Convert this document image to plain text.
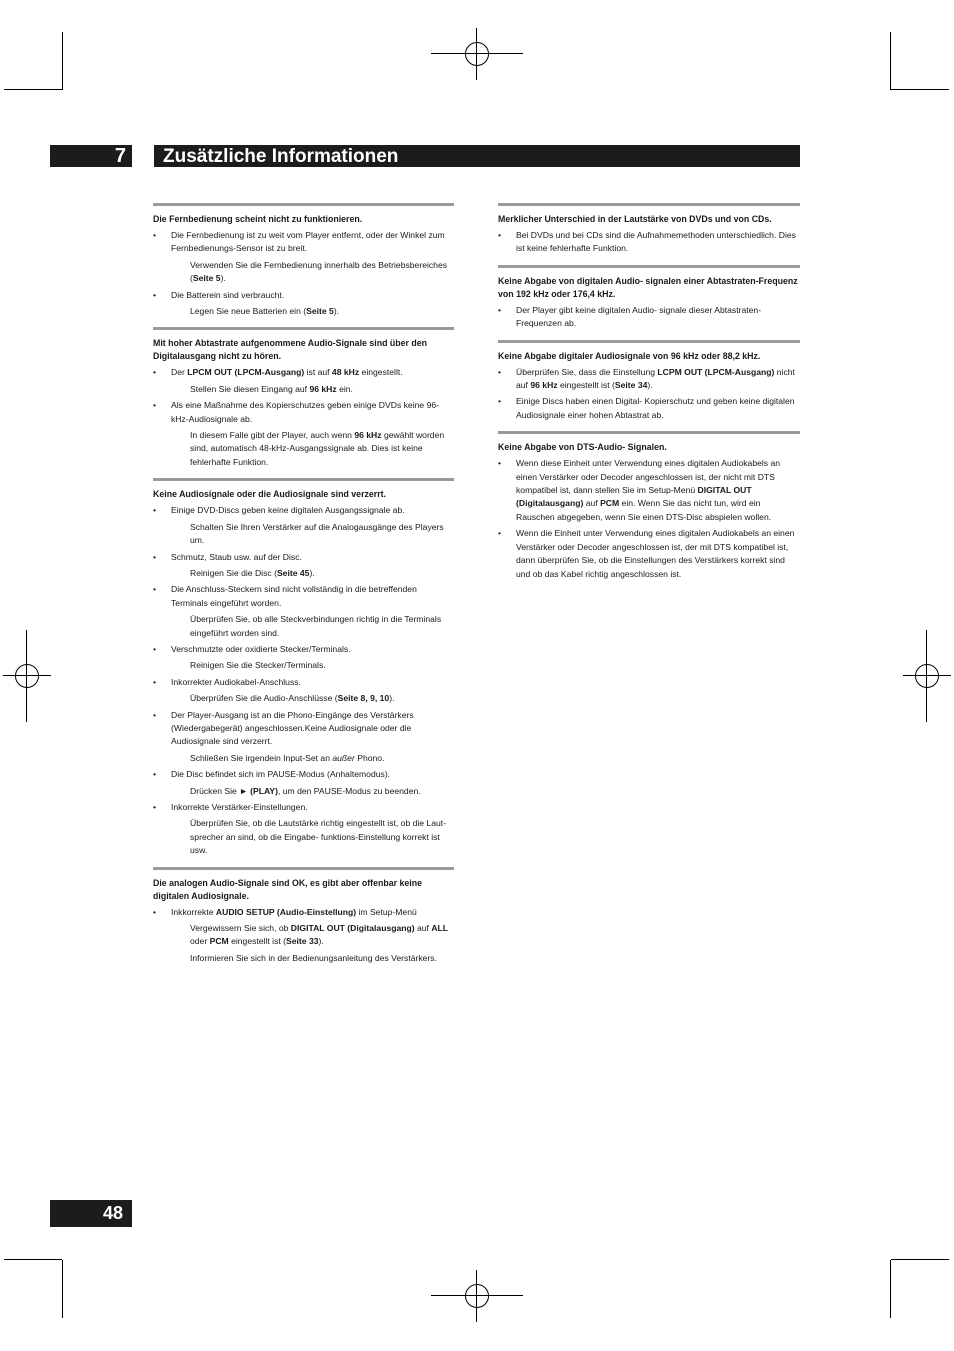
7	Zusätzliche Informationen
Die Fernbedienung scheint nicht zu funktionieren.
• Die Fernbedienung ist zu weit vom Player entfernt, oder der Winkel zum Fernbedienungs-Sensor ist zu breit.
Verwenden Sie die Fernbedienung innerhalb des Betriebsbereiches (Seite 5).
• Die Batterein sind verbraucht.
Legen Sie neue Batterien ein (Seite 5).
Mit hoher Abtastrate aufgenommene Audio-Signale sind über den Digitalausgang nicht zu hören.
• Der LPCM OUT (LPCM-Ausgang) ist auf 48 kHz eingestellt.
Stellen Sie diesen Eingang auf 96 kHz ein.
• Als eine Maßnahme des Kopierschutzes geben einige DVDs keine 96-kHz-Audiosignale ab.
In diesem Falle gibt der Player, auch wenn 96 kHz gewählt worden sind, automatisch 48-kHz-Ausgangssignale ab. Dies ist keine fehlerhafte Funktion.
Keine Audiosignale oder die Audiosignale sind verzerrt.
• Einige DVD-Discs geben keine digitalen Ausgangssignale ab.
Schalten Sie Ihren Verstärker auf die Analogausgänge des Players um.
• Schmutz, Staub usw. auf der Disc.
Reinigen Sie die Disc (Seite 45).
• Die Anschluss-Steckern sind nicht vollständig in die betreffenden Terminals eingeführt worden.
Überprüfen Sie, ob alle Steckverbindungen richtig in die Terminals eingeführt worden sind.
• Verschmutzte oder oxidierte Stecker/Terminals.
Reinigen Sie die Stecker/Terminals.
• Inkorrekter Audiokabel-Anschluss.
Überprüfen Sie die Audio-Anschlüsse (Seite 8, 9, 10).
• Der Player-Ausgang ist an die Phono-Eingänge des Verstärkers (Wiedergabegerät) angeschlossen.Keine Audiosignale oder die Audiosignale sind verzerrt.
Schließen Sie irgendein Input-Set an außer Phono.
• Die Disc befindet sich im PAUSE-Modus (Anhaltemodus).
Drücken Sie ► (PLAY), um den PAUSE-Modus zu beenden.
• Inkorrekte Verstärker-Einstellungen.
Überprüfen Sie, ob die Lautstärke richtig eingestellt ist, ob die Laut- sprecher an sind, ob die Eingabe- funktions-Einstellung korrekt ist usw.
Die analogen Audio-Signale sind OK, es gibt aber offenbar keine digitalen Audiosignale.
• Inkkorrekte AUDIO SETUP (Audio-Einstellung) im Setup-Menü
Vergewissern Sie sich, ob DIGITAL OUT (Digitalausgang) auf ALL oder PCM eingestellt ist (Seite 33).
Informieren Sie sich in der Bedienungsanleitung des Verstärkers.
Merklicher Unterschied in der Lautstärke von DVDs und von CDs.
• Bei DVDs und bei CDs sind die Aufnahmemethoden unterschiedlich. Dies ist keine fehlerhafte Funktion.
Keine Abgabe von digitalen Audio- signalen einer Abtastraten-Frequenz von 192 kHz oder 176,4 kHz.
• Der Player gibt keine digitalen Audio- signale dieser Abtastraten-Frequenzen ab.
Keine Abgabe digitaler Audiosignale von 96 kHz oder 88,2 kHz.
• Überprüfen Sie, dass die Einstellung LCPM OUT (LPCM-Ausgang) nicht auf 96 kHz eingestellt ist (Seite 34).
• Einige Discs haben einen Digital- Kopierschutz und geben keine digitalen Audiosignale einer hohen Abtastrat ab.
Keine Abgabe von DTS-Audio- Signalen.
• Wenn diese Einheit unter Verwendung eines digitalen Audiokabels an einen Verstärker oder Decoder angeschlossen ist, der nicht mit DTS kompatibel ist, dann stellen Sie im Setup-Menü DIGITAL OUT (Digitalausgang) auf PCM ein. Wenn Sie das nicht tun, wird ein Rauschen abgegeben, wenn Sie einen DTS-Disc abspielen wollen.
• Wenn die Einheit unter Verwendung eines digitalen Audiokabels an einen Verstärker oder Decoder angeschlossen ist, der mit DTS kompatibel ist, dann überprüfen Sie, ob die Einstellungen des Verstärkers korrekt sind und ob das Kabel richtig angeschlossen ist.
48
